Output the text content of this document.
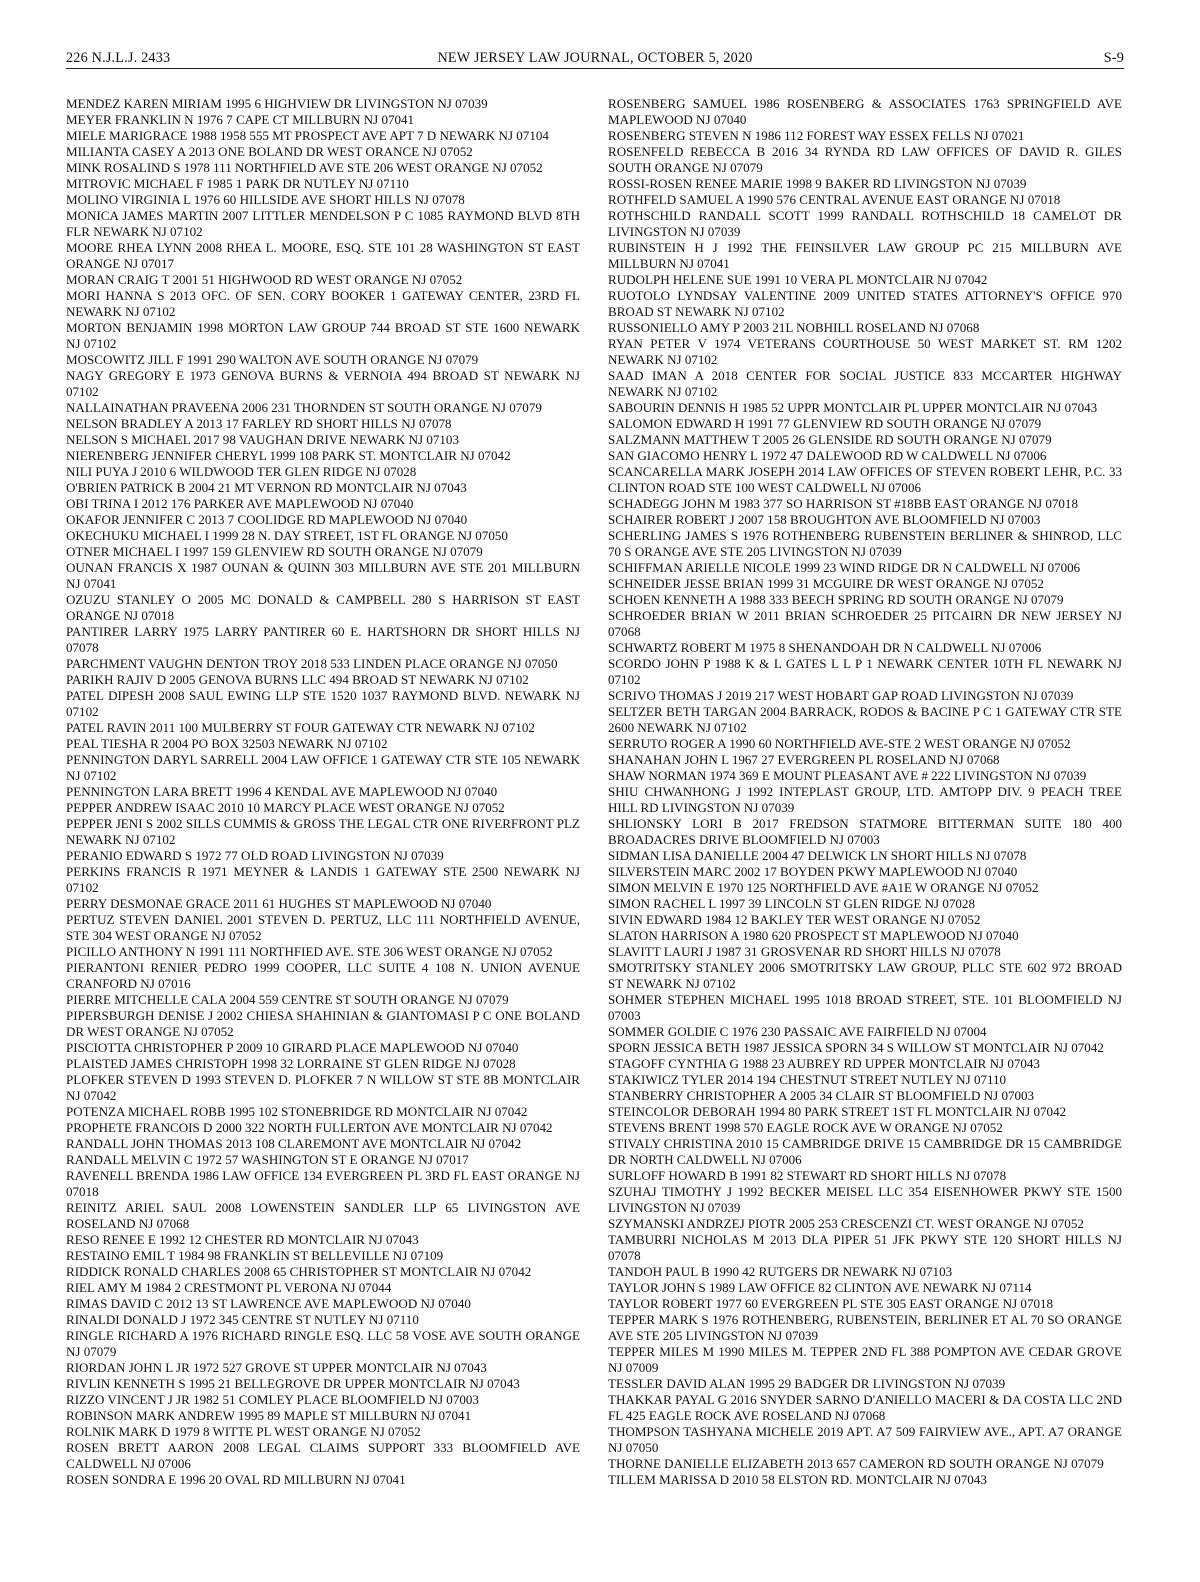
226 N.J.L.J. 2433	NEW JERSEY LAW JOURNAL, OCTOBER 5, 2020	S-9

MENDEZ KAREN MIRIAM 1995 6 HIGHVIEW DR LIVINGSTON NJ 07039

MEYER FRANKLIN N 1976 7 CAPE CT MILLBURN NJ 07041

MIELE MARIGRACE 1988 1958 555 MT PROSPECT AVE APT 7 D NEWARK NJ 07104

MILIANTA CASEY A 2013 ONE BOLAND DR WEST ORANCE NJ 07052

MINK ROSALIND S 1978 111 NORTHFIELD AVE STE 206 WEST ORANGE NJ 07052

MITROVIC MICHAEL F 1985 1 PARK DR NUTLEY NJ 07110

MOLINO VIRGINIA L 1976 60 HILLSIDE AVE SHORT HILLS NJ 07078

MONICA JAMES MARTIN 2007 LITTLER MENDELSON P C 1085 RAYMOND BLVD 8TH FLR NEWARK NJ 07102

MOORE RHEA LYNN 2008 RHEA L. MOORE, ESQ. STE 101 28 WASHINGTON ST EAST ORANGE NJ 07017

MORAN CRAIG T 2001 51 HIGHWOOD RD WEST ORANGE NJ 07052

MORI HANNA S 2013 OFC. OF SEN. CORY BOOKER 1 GATEWAY CENTER, 23RD FL NEWARK NJ 07102

MORTON BENJAMIN 1998 MORTON LAW GROUP 744 BROAD ST STE 1600 NEWARK NJ 07102

MOSCOWITZ JILL F 1991 290 WALTON AVE SOUTH ORANGE NJ 07079

NAGY GREGORY E 1973 GENOVA BURNS & VERNOIA 494 BROAD ST NEWARK NJ 07102

NALLAINATHAN PRAVEENA 2006 231 THORNDEN ST SOUTH ORANGE NJ 07079

NELSON BRADLEY A 2013 17 FARLEY RD SHORT HILLS NJ 07078

NELSON S MICHAEL 2017 98 VAUGHAN DRIVE NEWARK NJ 07103

NIERENBERG JENNIFER CHERYL 1999 108 PARK ST. MONTCLAIR NJ 07042

NILI PUYA J 2010 6 WILDWOOD TER GLEN RIDGE NJ 07028

O'BRIEN PATRICK B 2004 21 MT VERNON RD MONTCLAIR NJ 07043

OBI TRINA I 2012 176 PARKER AVE MAPLEWOOD NJ 07040

OKAFOR JENNIFER C 2013 7 COOLIDGE RD MAPLEWOOD NJ 07040

OKECHUKU MICHAEL I 1999 28 N. DAY STREET, 1ST FL ORANGE NJ 07050

OTNER MICHAEL I 1997 159 GLENVIEW RD SOUTH ORANGE NJ 07079

OUNAN FRANCIS X 1987 OUNAN & QUINN 303 MILLBURN AVE STE 201 MILLBURN NJ 07041

OZUZU STANLEY O 2005 MC DONALD & CAMPBELL 280 S HARRISON ST EAST ORANGE NJ 07018

PANTIRER LARRY 1975 LARRY PANTIRER 60 E. HARTSHORN DR SHORT HILLS NJ 07078

PARCHMENT VAUGHN DENTON TROY 2018 533 LINDEN PLACE ORANGE NJ 07050

PARIKH RAJIV D 2005 GENOVA BURNS LLC 494 BROAD ST NEWARK NJ 07102

PATEL DIPESH 2008 SAUL EWING LLP STE 1520 1037 RAYMOND BLVD. NEWARK NJ 07102

PATEL RAVIN 2011 100 MULBERRY ST FOUR GATEWAY CTR NEWARK NJ 07102

PEAL TIESHA R 2004 PO BOX 32503 NEWARK NJ 07102

PENNINGTON DARYL SARRELL 2004 LAW OFFICE 1 GATEWAY CTR STE 105 NEWARK NJ 07102

PENNINGTON LARA BRETT 1996 4 KENDAL AVE MAPLEWOOD NJ 07040

PEPPER ANDREW ISAAC 2010 10 MARCY PLACE WEST ORANGE NJ 07052

PEPPER JENI S 2002 SILLS CUMMIS & GROSS THE LEGAL CTR ONE RIVERFRONT PLZ NEWARK NJ 07102

PERANIO EDWARD S 1972 77 OLD ROAD LIVINGSTON NJ 07039

PERKINS FRANCIS R 1971 MEYNER & LANDIS 1 GATEWAY STE 2500 NEWARK NJ 07102

PERRY DESMONAE GRACE 2011 61 HUGHES ST MAPLEWOOD NJ 07040

PERTUZ STEVEN DANIEL 2001 STEVEN D. PERTUZ, LLC 111 NORTHFIELD AVENUE, STE 304 WEST ORANGE NJ 07052

PICILLO ANTHONY N 1991 111 NORTHFIED AVE. STE 306 WEST ORANGE NJ 07052

PIERANTONI RENIER PEDRO 1999 COOPER, LLC SUITE 4 108 N. UNION AVENUE CRANFORD NJ 07016

PIERRE MITCHELLE CALA 2004 559 CENTRE ST SOUTH ORANGE NJ 07079

PIPERSBURGH DENISE J 2002 CHIESA SHAHINIAN & GIANTOMASI P C ONE BOLAND DR WEST ORANGE NJ 07052

PISCIOTTA CHRISTOPHER P 2009 10 GIRARD PLACE MAPLEWOOD NJ 07040

PLAISTED JAMES CHRISTOPH 1998 32 LORRAINE ST GLEN RIDGE NJ 07028

PLOFKER STEVEN D 1993 STEVEN D. PLOFKER 7 N WILLOW ST STE 8B MONTCLAIR NJ 07042

POTENZA MICHAEL ROBB 1995 102 STONEBRIDGE RD MONTCLAIR NJ 07042

PROPHETE FRANCOIS D 2000 322 NORTH FULLERTON AVE MONTCLAIR NJ 07042

RANDALL JOHN THOMAS 2013 108 CLAREMONT AVE MONTCLAIR NJ 07042

RANDALL MELVIN C 1972 57 WASHINGTON ST E ORANGE NJ 07017

RAVENELL BRENDA 1986 LAW OFFICE 134 EVERGREEN PL 3RD FL EAST ORANGE NJ 07018

REINITZ ARIEL SAUL 2008 LOWENSTEIN SANDLER LLP 65 LIVINGSTON AVE ROSELAND NJ 07068

RESO RENEE E 1992 12 CHESTER RD MONTCLAIR NJ 07043

RESTAINO EMIL T 1984 98 FRANKLIN ST BELLEVILLE NJ 07109

RIDDICK RONALD CHARLES 2008 65 CHRISTOPHER ST MONTCLAIR NJ 07042

RIEL AMY M 1984 2 CRESTMONT PL VERONA NJ 07044

RIMAS DAVID C 2012 13 ST LAWRENCE AVE MAPLEWOOD NJ 07040

RINALDI DONALD J 1972 345 CENTRE ST NUTLEY NJ 07110

RINGLE RICHARD A 1976 RICHARD RINGLE ESQ. LLC 58 VOSE AVE SOUTH ORANGE NJ 07079

RIORDAN JOHN L JR 1972 527 GROVE ST UPPER MONTCLAIR NJ 07043

RIVLIN KENNETH S 1995 21 BELLEGROVE DR UPPER MONTCLAIR NJ 07043

RIZZO VINCENT J JR 1982 51 COMLEY PLACE BLOOMFIELD NJ 07003

ROBINSON MARK ANDREW 1995 89 MAPLE ST MILLBURN NJ 07041

ROLNIK MARK D 1979 8 WITTE PL WEST ORANGE NJ 07052

ROSEN BRETT AARON 2008 LEGAL CLAIMS SUPPORT 333 BLOOMFIELD AVE CALDWELL NJ 07006

ROSEN SONDRA E 1996 20 OVAL RD MILLBURN NJ 07041

ROSENBERG SAMUEL 1986 ROSENBERG & ASSOCIATES 1763 SPRINGFIELD AVE MAPLEWOOD NJ 07040

ROSENBERG STEVEN N 1986 112 FOREST WAY ESSEX FELLS NJ 07021

ROSENFELD REBECCA B 2016 34 RYNDA RD LAW OFFICES OF DAVID R. GILES SOUTH ORANGE NJ 07079

ROSSI-ROSEN RENEE MARIE 1998 9 BAKER RD LIVINGSTON NJ 07039

ROTHFELD SAMUEL A 1990 576 CENTRAL AVENUE EAST ORANGE NJ 07018

ROTHSCHILD RANDALL SCOTT 1999 RANDALL ROTHSCHILD 18 CAMELOT DR LIVINGSTON NJ 07039

RUBINSTEIN H J 1992 THE FEINSILVER LAW GROUP PC 215 MILLBURN AVE MILLBURN NJ 07041

RUDOLPH HELENE SUE 1991 10 VERA PL MONTCLAIR NJ 07042

RUOTOLO LYNDSAY VALENTINE 2009 UNITED STATES ATTORNEY'S OFFICE 970 BROAD ST NEWARK NJ 07102

RUSSONIELLO AMY P 2003 21L NOBHILL ROSELAND NJ 07068

RYAN PETER V 1974 VETERANS COURTHOUSE 50 WEST MARKET ST. RM 1202 NEWARK NJ 07102

SAAD IMAN A 2018 CENTER FOR SOCIAL JUSTICE 833 MCCARTER HIGHWAY NEWARK NJ 07102

SABOURIN DENNIS H 1985 52 UPPR MONTCLAIR PL UPPER MONTCLAIR NJ 07043

SALOMON EDWARD H 1991 77 GLENVIEW RD SOUTH ORANGE NJ 07079

SALZMANN MATTHEW T 2005 26 GLENSIDE RD SOUTH ORANGE NJ 07079

SAN GIACOMO HENRY L 1972 47 DALEWOOD RD W CALDWELL NJ 07006

SCANCARELLA MARK JOSEPH 2014 LAW OFFICES OF STEVEN ROBERT LEHR, P.C. 33 CLINTON ROAD STE 100 WEST CALDWELL NJ 07006

SCHADEGG JOHN M 1983 377 SO HARRISON ST #18BB EAST ORANGE NJ 07018

SCHAIRER ROBERT J 2007 158 BROUGHTON AVE BLOOMFIELD NJ 07003

SCHERLING JAMES S 1976 ROTHENBERG RUBENSTEIN BERLINER & SHINROD, LLC 70 S ORANGE AVE STE 205 LIVINGSTON NJ 07039

SCHIFFMAN ARIELLE NICOLE 1999 23 WIND RIDGE DR N CALDWELL NJ 07006

SCHNEIDER JESSE BRIAN 1999 31 MCGUIRE DR WEST ORANGE NJ 07052

SCHOEN KENNETH A 1988 333 BEECH SPRING RD SOUTH ORANGE NJ 07079

SCHROEDER BRIAN W 2011 BRIAN SCHROEDER 25 PITCAIRN DR NEW JERSEY NJ 07068

SCHWARTZ ROBERT M 1975 8 SHENANDOAH DR N CALDWELL NJ 07006

SCORDO JOHN P 1988 K & L GATES L L P 1 NEWARK CENTER 10TH FL NEWARK NJ 07102

SCRIVO THOMAS J 2019 217 WEST HOBART GAP ROAD LIVINGSTON NJ 07039

SELTZER BETH TARGAN 2004 BARRACK, RODOS & BACINE P C 1 GATEWAY CTR STE 2600 NEWARK NJ 07102

SERRUTO ROGER A 1990 60 NORTHFIELD AVE-STE 2 WEST ORANGE NJ 07052

SHANAHAN JOHN L 1967 27 EVERGREEN PL ROSELAND NJ 07068

SHAW NORMAN 1974 369 E MOUNT PLEASANT AVE # 222 LIVINGSTON NJ 07039

SHIU CHWANHONG J 1992 INTEPLAST GROUP, LTD. AMTOPP DIV. 9 PEACH TREE HILL RD LIVINGSTON NJ 07039

SHLIONSKY LORI B 2017 FREDSON STATMORE BITTERMAN SUITE 180 400 BROADACRES DRIVE BLOOMFIELD NJ 07003

SIDMAN LISA DANIELLE 2004 47 DELWICK LN SHORT HILLS NJ 07078

SILVERSTEIN MARC 2002 17 BOYDEN PKWY MAPLEWOOD NJ 07040

SIMON MELVIN E 1970 125 NORTHFIELD AVE #A1E W ORANGE NJ 07052

SIMON RACHEL L 1997 39 LINCOLN ST GLEN RIDGE NJ 07028

SIVIN EDWARD 1984 12 BAKLEY TER WEST ORANGE NJ 07052

SLATON HARRISON A 1980 620 PROSPECT ST MAPLEWOOD NJ 07040

SLAVITT LAURI J 1987 31 GROSVENAR RD SHORT HILLS NJ 07078

SMOTRITSKY STANLEY 2006 SMOTRITSKY LAW GROUP, PLLC STE 602 972 BROAD ST NEWARK NJ 07102

SOHMER STEPHEN MICHAEL 1995 1018 BROAD STREET, STE. 101 BLOOMFIELD NJ 07003

SOMMER GOLDIE C 1976 230 PASSAIC AVE FAIRFIELD NJ 07004

SPORN JESSICA BETH 1987 JESSICA SPORN 34 S WILLOW ST MONTCLAIR NJ 07042

STAGOFF CYNTHIA G 1988 23 AUBREY RD UPPER MONTCLAIR NJ 07043

STAKIWICZ TYLER 2014 194 CHESTNUT STREET NUTLEY NJ 07110

STANBERRY CHRISTOPHER A 2005 34 CLAIR ST BLOOMFIELD NJ 07003

STEINCOLOR DEBORAH 1994 80 PARK STREET 1ST FL MONTCLAIR NJ 07042

STEVENS BRENT 1998 570 EAGLE ROCK AVE W ORANGE NJ 07052

STIVALY CHRISTINA 2010 15 CAMBRIDGE DRIVE 15 CAMBRIDGE DR 15 CAMBRIDGE DR NORTH CALDWELL NJ 07006

SURLOFF HOWARD B 1991 82 STEWART RD SHORT HILLS NJ 07078

SZUHAJ TIMOTHY J 1992 BECKER MEISEL LLC 354 EISENHOWER PKWY STE 1500 LIVINGSTON NJ 07039

SZYMANSKI ANDRZEJ PIOTR 2005 253 CRESCENZI CT. WEST ORANGE NJ 07052

TAMBURRI NICHOLAS M 2013 DLA PIPER 51 JFK PKWY STE 120 SHORT HILLS NJ 07078

TANDOH PAUL B 1990 42 RUTGERS DR NEWARK NJ 07103

TAYLOR JOHN S 1989 LAW OFFICE 82 CLINTON AVE NEWARK NJ 07114

TAYLOR ROBERT 1977 60 EVERGREEN PL STE 305 EAST ORANGE NJ 07018

TEPPER MARK S 1976 ROTHENBERG, RUBENSTEIN, BERLINER ET AL 70 SO ORANGE AVE STE 205 LIVINGSTON NJ 07039

TEPPER MILES M 1990 MILES M. TEPPER 2ND FL 388 POMPTON AVE CEDAR GROVE NJ 07009

TESSLER DAVID ALAN 1995 29 BADGER DR LIVINGSTON NJ 07039

THAKKAR PAYAL G 2016 SNYDER SARNO D'ANIELLO MACERI & DA COSTA LLC 2ND FL 425 EAGLE ROCK AVE ROSELAND NJ 07068

THOMPSON TASHYANA MICHELE 2019 APT. A7 509 FAIRVIEW AVE., APT. A7 ORANGE NJ 07050

THORNE DANIELLE ELIZABETH 2013 657 CAMERON RD SOUTH ORANGE NJ 07079

TILLEM MARISSA D 2010 58 ELSTON RD. MONTCLAIR NJ 07043
